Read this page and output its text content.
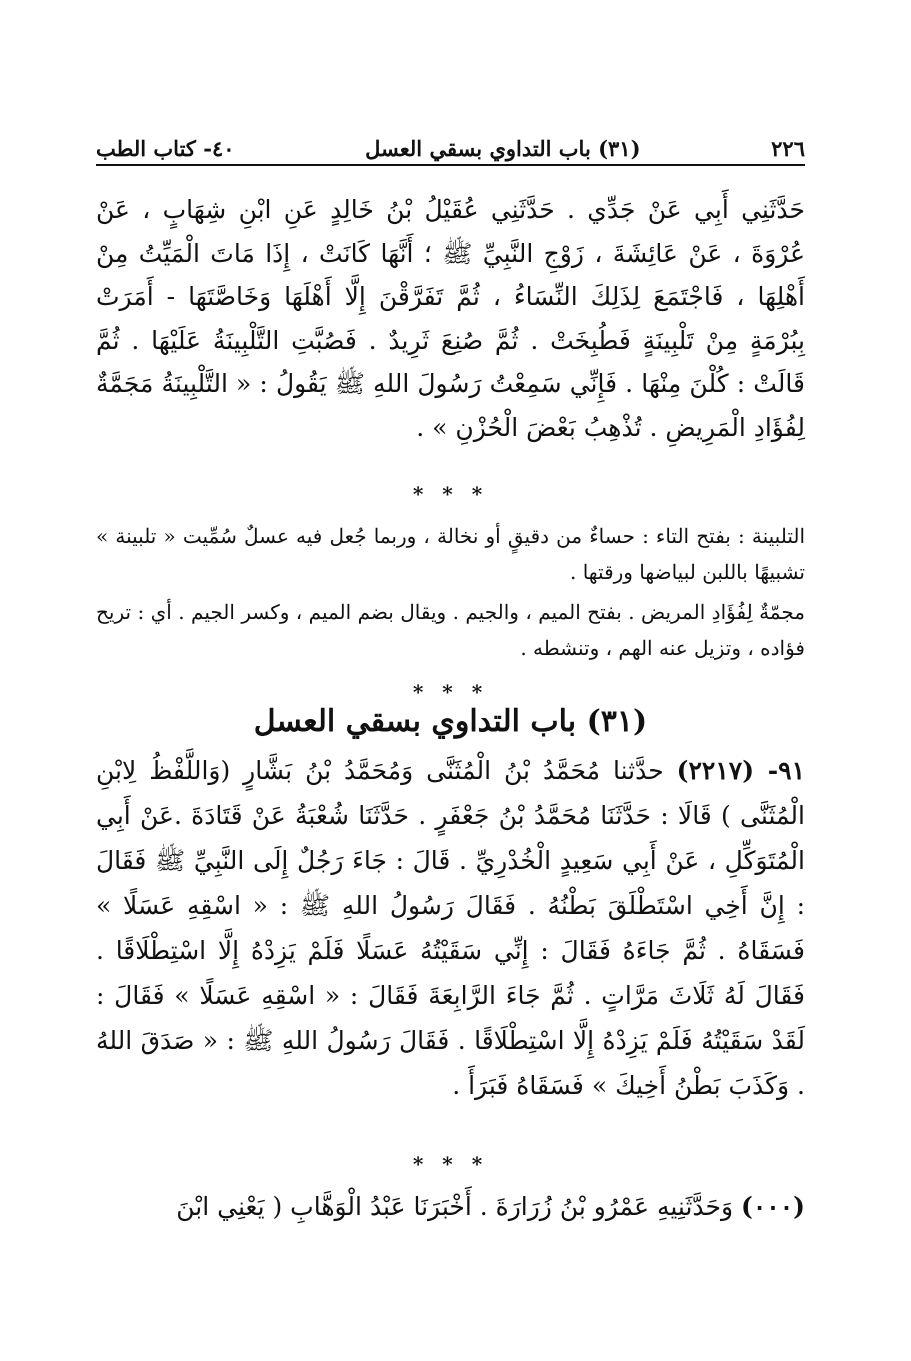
٢٢٦
(٣١) باب التداوي بسقي العسل
٤٠- كتاب الطب
حَدَّثَنِي أَبِي عَنْ جَدِّي . حَدَّثَنِي عُقَيْلُ بْنُ خَالِدٍ عَنِ ابْنِ شِهَابٍ ، عَنْ عُرْوَةَ ، عَنْ عَائِشَةَ ، زَوْجِ النَّبِيِّ ﷺ ؛ أَنَّهَا كَانَتْ ، إِذَا مَاتَ الْمَيِّتُ مِنْ أَهْلِهَا ، فَاجْتَمَعَ لِذَلِكَ النِّسَاءُ ، ثُمَّ تَفَرَّقْنَ إِلَّا أَهْلَهَا وَخَاصَّتَهَا - أَمَرَتْ بِبُرْمَةٍ مِنْ تَلْبِينَةٍ فَطُبِخَتْ . ثُمَّ صُنِعَ ثَرِيدٌ . فَصُبَّتِ التَّلْبِينَةُ عَلَيْهَا . ثُمَّ قَالَتْ : كُلْنَ مِنْهَا . فَإِنِّي سَمِعْتُ رَسُولَ اللهِ ﷺ يَقُولُ : « التَّلْبِينَةُ مَجَمَّةٌ لِفُؤَادِ الْمَرِيضِ . تُذْهِبُ بَعْضَ الْحُزْنِ » .
* * *

التلبينة : بفتح التاء : حساءٌ من دقيقٍ أو نخالة ، وربما جُعل فيه عسلٌ سُمِّيت « تلبينة » تشبيهًا باللبن لبياضها ورقتها .

مجمّةٌ لِفُؤَادِ المريض . بفتح الميم ، والجيم . ويقال بضم الميم ، وكسر الجيم . أي : تريح فؤاده ، وتزيل عنه الهم ، وتنشطه .

* * *
(٣١) باب التداوي بسقي العسل
٩١- (٢٢١٧) حدَّثنا مُحَمَّدُ بْنُ الْمُثَنَّى وَمُحَمَّدُ بْنُ بَشَّارٍ (وَاللَّفْظُ لِابْنِ الْمُثَنَّى ) قَالَا : حَدَّثَنَا مُحَمَّدُ بْنُ جَعْفَرٍ . حَدَّثَنَا شُعْبَةُ عَنْ قَتَادَةَ .عَنْ أَبِي الْمُتَوَكِّلِ ، عَنْ أَبِي سَعِيدٍ الْخُدْرِيِّ . قَالَ : جَاءَ رَجُلٌ إِلَى النَّبِيِّ ﷺ فَقَالَ : إِنَّ أَخِي اسْتَطْلَقَ بَطْنُهُ . فَقَالَ رَسُولُ اللهِ ﷺ : « اسْقِهِ عَسَلًا » فَسَقَاهُ . ثُمَّ جَاءَهُ فَقَالَ : إِنِّي سَقَيْتُهُ عَسَلًا فَلَمْ يَزِدْهُ إِلَّا اسْتِطْلَاقًا . فَقَالَ لَهُ ثَلَاثَ مَرَّاتٍ . ثُمَّ جَاءَ الرَّابِعَةَ فَقَالَ : « اسْقِهِ عَسَلًا » فَقَالَ : لَقَدْ سَقَيْتُهُ فَلَمْ يَزِدْهُ إِلَّا اسْتِطْلَاقًا . فَقَالَ رَسُولُ اللهِ ﷺ : « صَدَقَ اللهُ . وَكَذَبَ بَطْنُ أَخِيكَ » فَسَقَاهُ فَبَرَأَ .
* * *
(٠٠٠) وَحَدَّثَنِيهِ عَمْرُو بْنُ زُرَارَةَ . أَخْبَرَنَا عَبْدُ الْوَهَّابِ ( يَعْنِي ابْنَ
